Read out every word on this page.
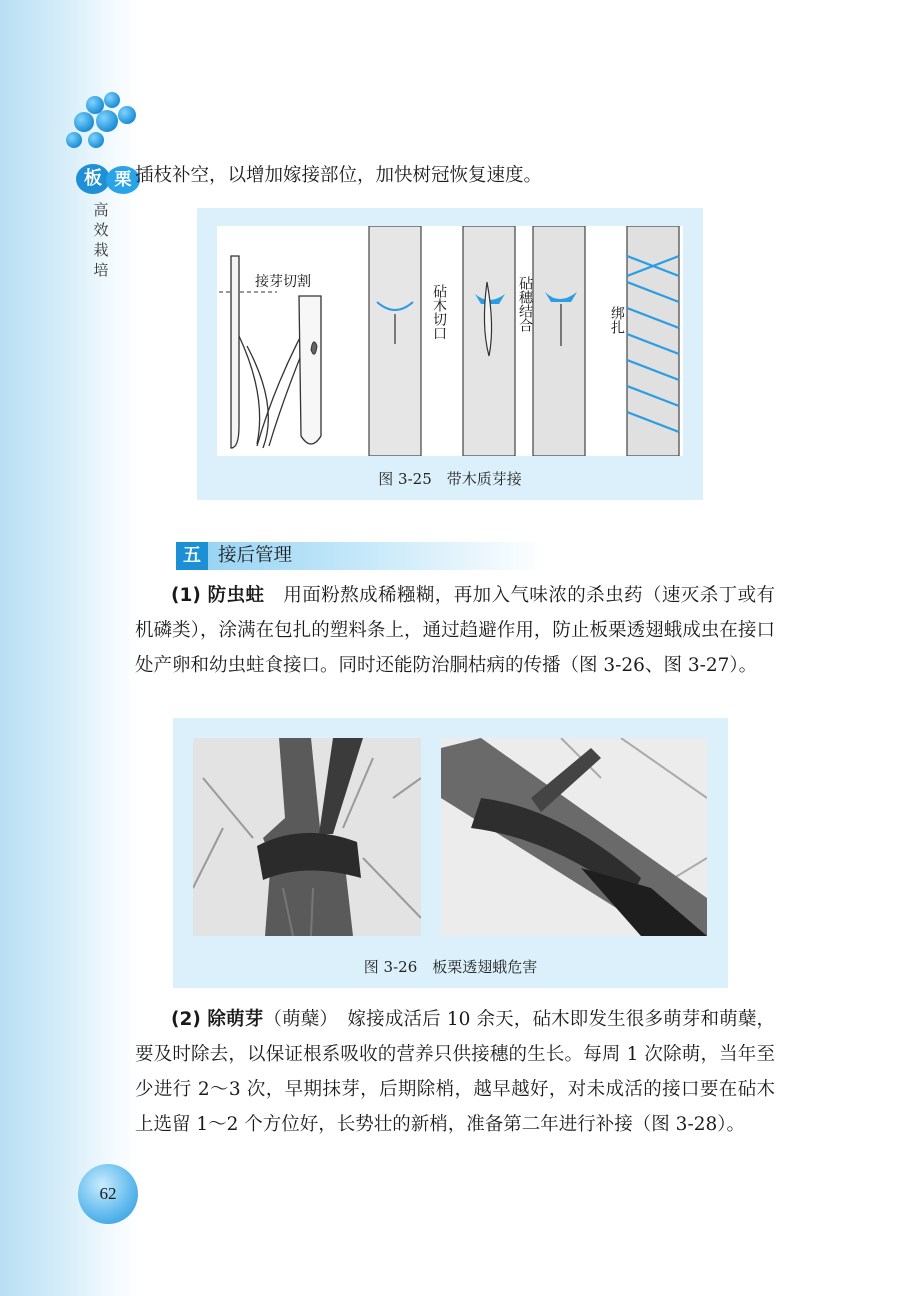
板 栗
高
效
栽
培

插枝补空，以增加嫁接部位，加快树冠恢复速度。

接芽切割
砧木切口	砧穗结合	绑扎
图 3-25　带木质芽接
五 接后管理

(1) 防虫蛀　用面粉熬成稀糨糊，再加入气味浓的杀虫药（速灭杀丁或有机磷类），涂满在包扎的塑料条上，通过趋避作用，防止板栗透翅蛾成虫在接口处产卵和幼虫蛀食接口。同时还能防治胴枯病的传播（图 3-26、图 3-27）。

图 3-26　板栗透翅蛾危害

(2) 除萌芽（萌蘖）　嫁接成活后 10 余天，砧木即发生很多萌芽和萌蘖，要及时除去，以保证根系吸收的营养只供接穗的生长。每周 1 次除萌，当年至少进行 2～3 次，早期抹芽，后期除梢，越早越好，对未成活的接口要在砧木上选留 1～2 个方位好，长势壮的新梢，准备第二年进行补接（图 3-28）。

62
